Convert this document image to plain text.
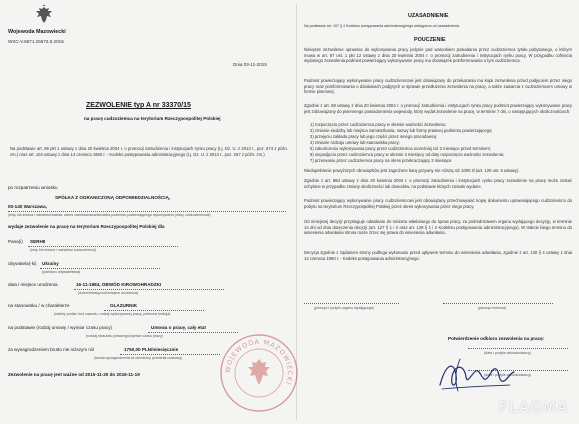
Wojewoda Mazowiecki
WSC-V.8671.26673.5.2015
Dnia 03-11-2015
ZEZWOLENIE typ A nr 33370/15
na pracę cudzoziemca na terytorium Rzeczypospolitej Polskiej
Na podstawie art. 88 pkt 1 ustawy z dnia 20 kwietnia 2004 r. o promocji zatrudnienia i instytucjach rynku pracy (t.j. Dz. U. z 2013 r., poz. 674 z późn. zm.) oraz art. 104 ustawy z dnia 14 czerwca 1960 r. - Kodeks postępowania administracyjnego (t.j. Dz. U. z 2013 r., poz. 267 z późn. zm.)
po rozpatrzeniu wniosku
SPÓŁKA Z OGRANICZONĄ ODPOWIEDZIALNOŚCIĄ,
00-140 Warszawa,
(imię lub imiona i nazwisko/nazwa, adres zamieszkania/siedziba podmiotu powierzającego wykonywanie pracy cudzoziemcowi)
wydaje zezwolenie na pracę na terytorium Rzeczypospolitej Polskiej dla
Pana(i) SERHII
(imię lub imiona i nazwisko cudzoziemca)
obywatela(-ki) Ukrainy
(państwo obywatelstwa)
data i miejsce urodzenia	16-11-1984, OBWÓD KIROWOHRADZKI
(dzień/miesiąc/rok/miejsce urodzenia)
na stanowisku / w charakterze	GLAZURNIK
(należy podać: kod zawodu, rodzaj wykonywanej pracy, pełniona funkcja)
na podstawie (rodzaj umowy / wymiar czasu pracy)	Umowa o pracę, cały etat
(rodzaj stosunku prawnego/wymiar czasu pracy)
za wynagrodzeniem brutto nie niższym niż	1750,00 PLN/miesięcznie
(kwota wynagrodzenia za określony przedział czasowy)
Zezwolenie na pracę jest ważne od 2015-11-20 do 2016-11-19
UZASADNIENIE
Na podstawie art. 107 § 4 Kodeksu postępowania administracyjnego odstąpiono od uzasadnienia.
POUCZENIE
Niniejsze zezwolenie uprawnia do wykonywania pracy jedynie pod warunkiem posiadania przez cudzoziemca tytułu pobytowego, o którym mowa w art. 87 ust. 1 pkt 12 ustawy z dnia 20 kwietnia 2004 r. o promocji zatrudnienia i instytucjach rynku pracy. W przypadku cofnięcia wydanego zezwolenia podmiot powierzający wykonywanie pracy ma obowiązek poinformowania o tym cudzoziemca.
Podmiot powierzający wykonywanie pracy cudzoziemcowi jest obowiązany do przekazania mu kopii zezwolenia przed podjęciem przez niego pracy oraz poinformowania o działaniach podjętych w sprawie przedłużenia zezwolenia na pracę, a także zawarcia z cudzoziemcem umowy w formie pisemnej.
Zgodnie z art. 88 ustawy z dnia 20 kwietnia 2004 r. o promocji zatrudnienia i instytucjach rynku pracy podmiot powierzający wykonywanie pracy jest zobowiązany do pisemnego powiadomienia wojewody, który wydał zezwolenie na pracę, w terminie 7 dni, o następujących okolicznościach:
1) rozpoczęciu przez cudzoziemca pracy w okresie ważności zezwolenia;
2) zmianie siedziby lub miejsca zamieszkania, nazwy lub formy prawnej podmiotu powierzającego;
3) przejęciu zakładu pracy lub jego części przez innego pracodawcę;
4) zmianie rodzaju umowy lub stanowiska pracy;
5) zakończeniu wykonywania pracy przez cudzoziemca wcześniej niż 3 miesiące przed terminem;
6) niepodjęciu przez cudzoziemca pracy w okresie 3 miesięcy od daty rozpoczęcia ważności zezwolenia;
7) przerwaniu przez cudzoziemca pracy na okres przekraczający 3 miesiące.
Niedopełnienie powyższych obowiązków jest zagrożone karą grzywny nie niższą niż 1000 zł (art. 120 ust. 6 ustawy).
Zgodnie z art. 88d ustawy z dnia 20 kwietnia 2004 r. o promocji zatrudnienia i instytucjach rynku pracy zezwolenie na pracę może zostać uchylone w przypadku zmiany okoliczności lub dowodów, na podstawie których zostało wydane.
Podmiot powierzający wykonywanie pracy cudzoziemcowi jest obowiązany przechowywać kopię dokumentu uprawniającego cudzoziemca do pobytu na terytorium Rzeczypospolitej Polskiej przez okres wykonywania przez niego pracy.
Od niniejszej decyzji przysługuje odwołanie do ministra właściwego do spraw pracy, za pośrednictwem organu wydającego decyzję, w terminie 14 dni od dnia doręczenia decyzji (art. 127 § 1 i 2 oraz art. 129 § 1 i 2 Kodeksu postępowania administracyjnego). W trakcie biegu terminu do wniesienia odwołania strona może zrzec się prawa do wniesienia odwołania.
Decyzja zgodnie z żądaniem strony podlega wykonaniu przed upływem terminu do wniesienia odwołania, zgodnie z art. 130 § 4 ustawy z dnia 14 czerwca 1960 r. - Kodeks postępowania administracyjnego.
(pieczęć i podpis organu wydającego)	(pieczęć imienna)
Potwierdzenie odbioru zezwolenia na pracę:
(data i podpis wnioskodawcy)
(data i podpis wnioskodawcy)
WOJEWODA MAZOWIECKI
FLAGMA
